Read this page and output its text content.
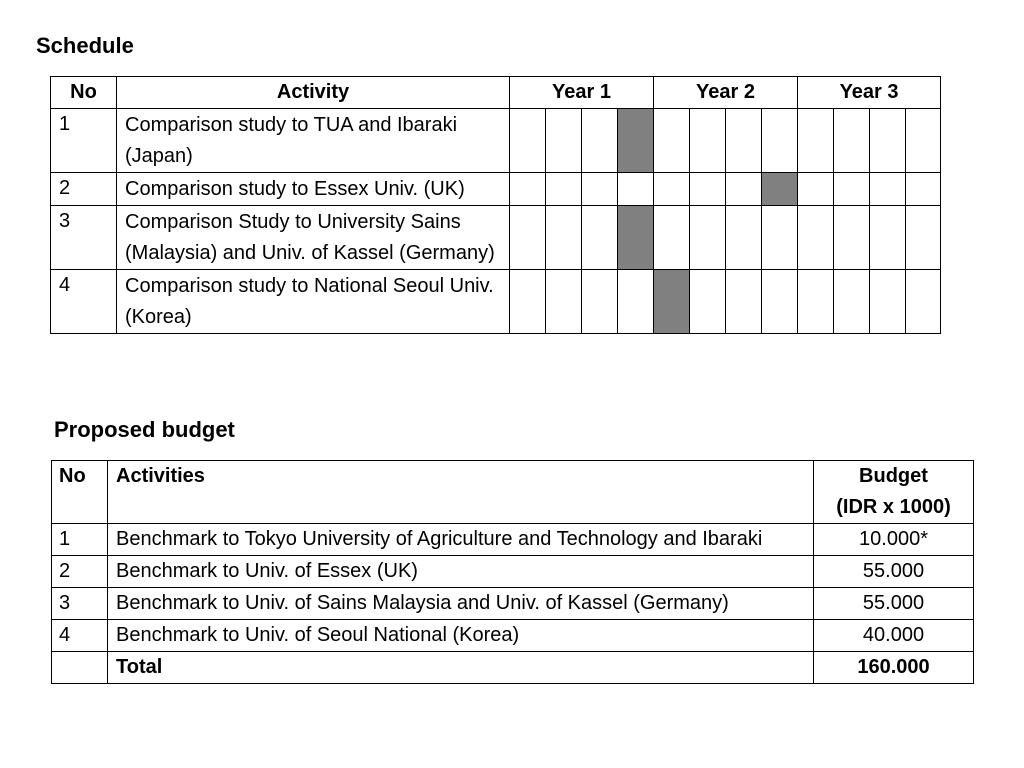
Schedule
No	Activity	Year 1				Year 2				Year 3			
1	Comparison study to TUA and Ibaraki (Japan)												
2	Comparison study to Essex Univ. (UK)												
3	Comparison Study to University Sains (Malaysia) and Univ. of Kassel (Germany)												
4	Comparison study to National Seoul Univ. (Korea)												
Proposed budget
No	Activities	Budget
(IDR x 1000)

1	Benchmark to Tokyo University of Agriculture and Technology and Ibaraki	10.000*
2	Benchmark to Univ. of Essex (UK)	55.000
3	Benchmark to Univ. of Sains Malaysia and Univ. of Kassel (Germany)	55.000
4	Benchmark to Univ. of Seoul National (Korea)	40.000
	Total	160.000
